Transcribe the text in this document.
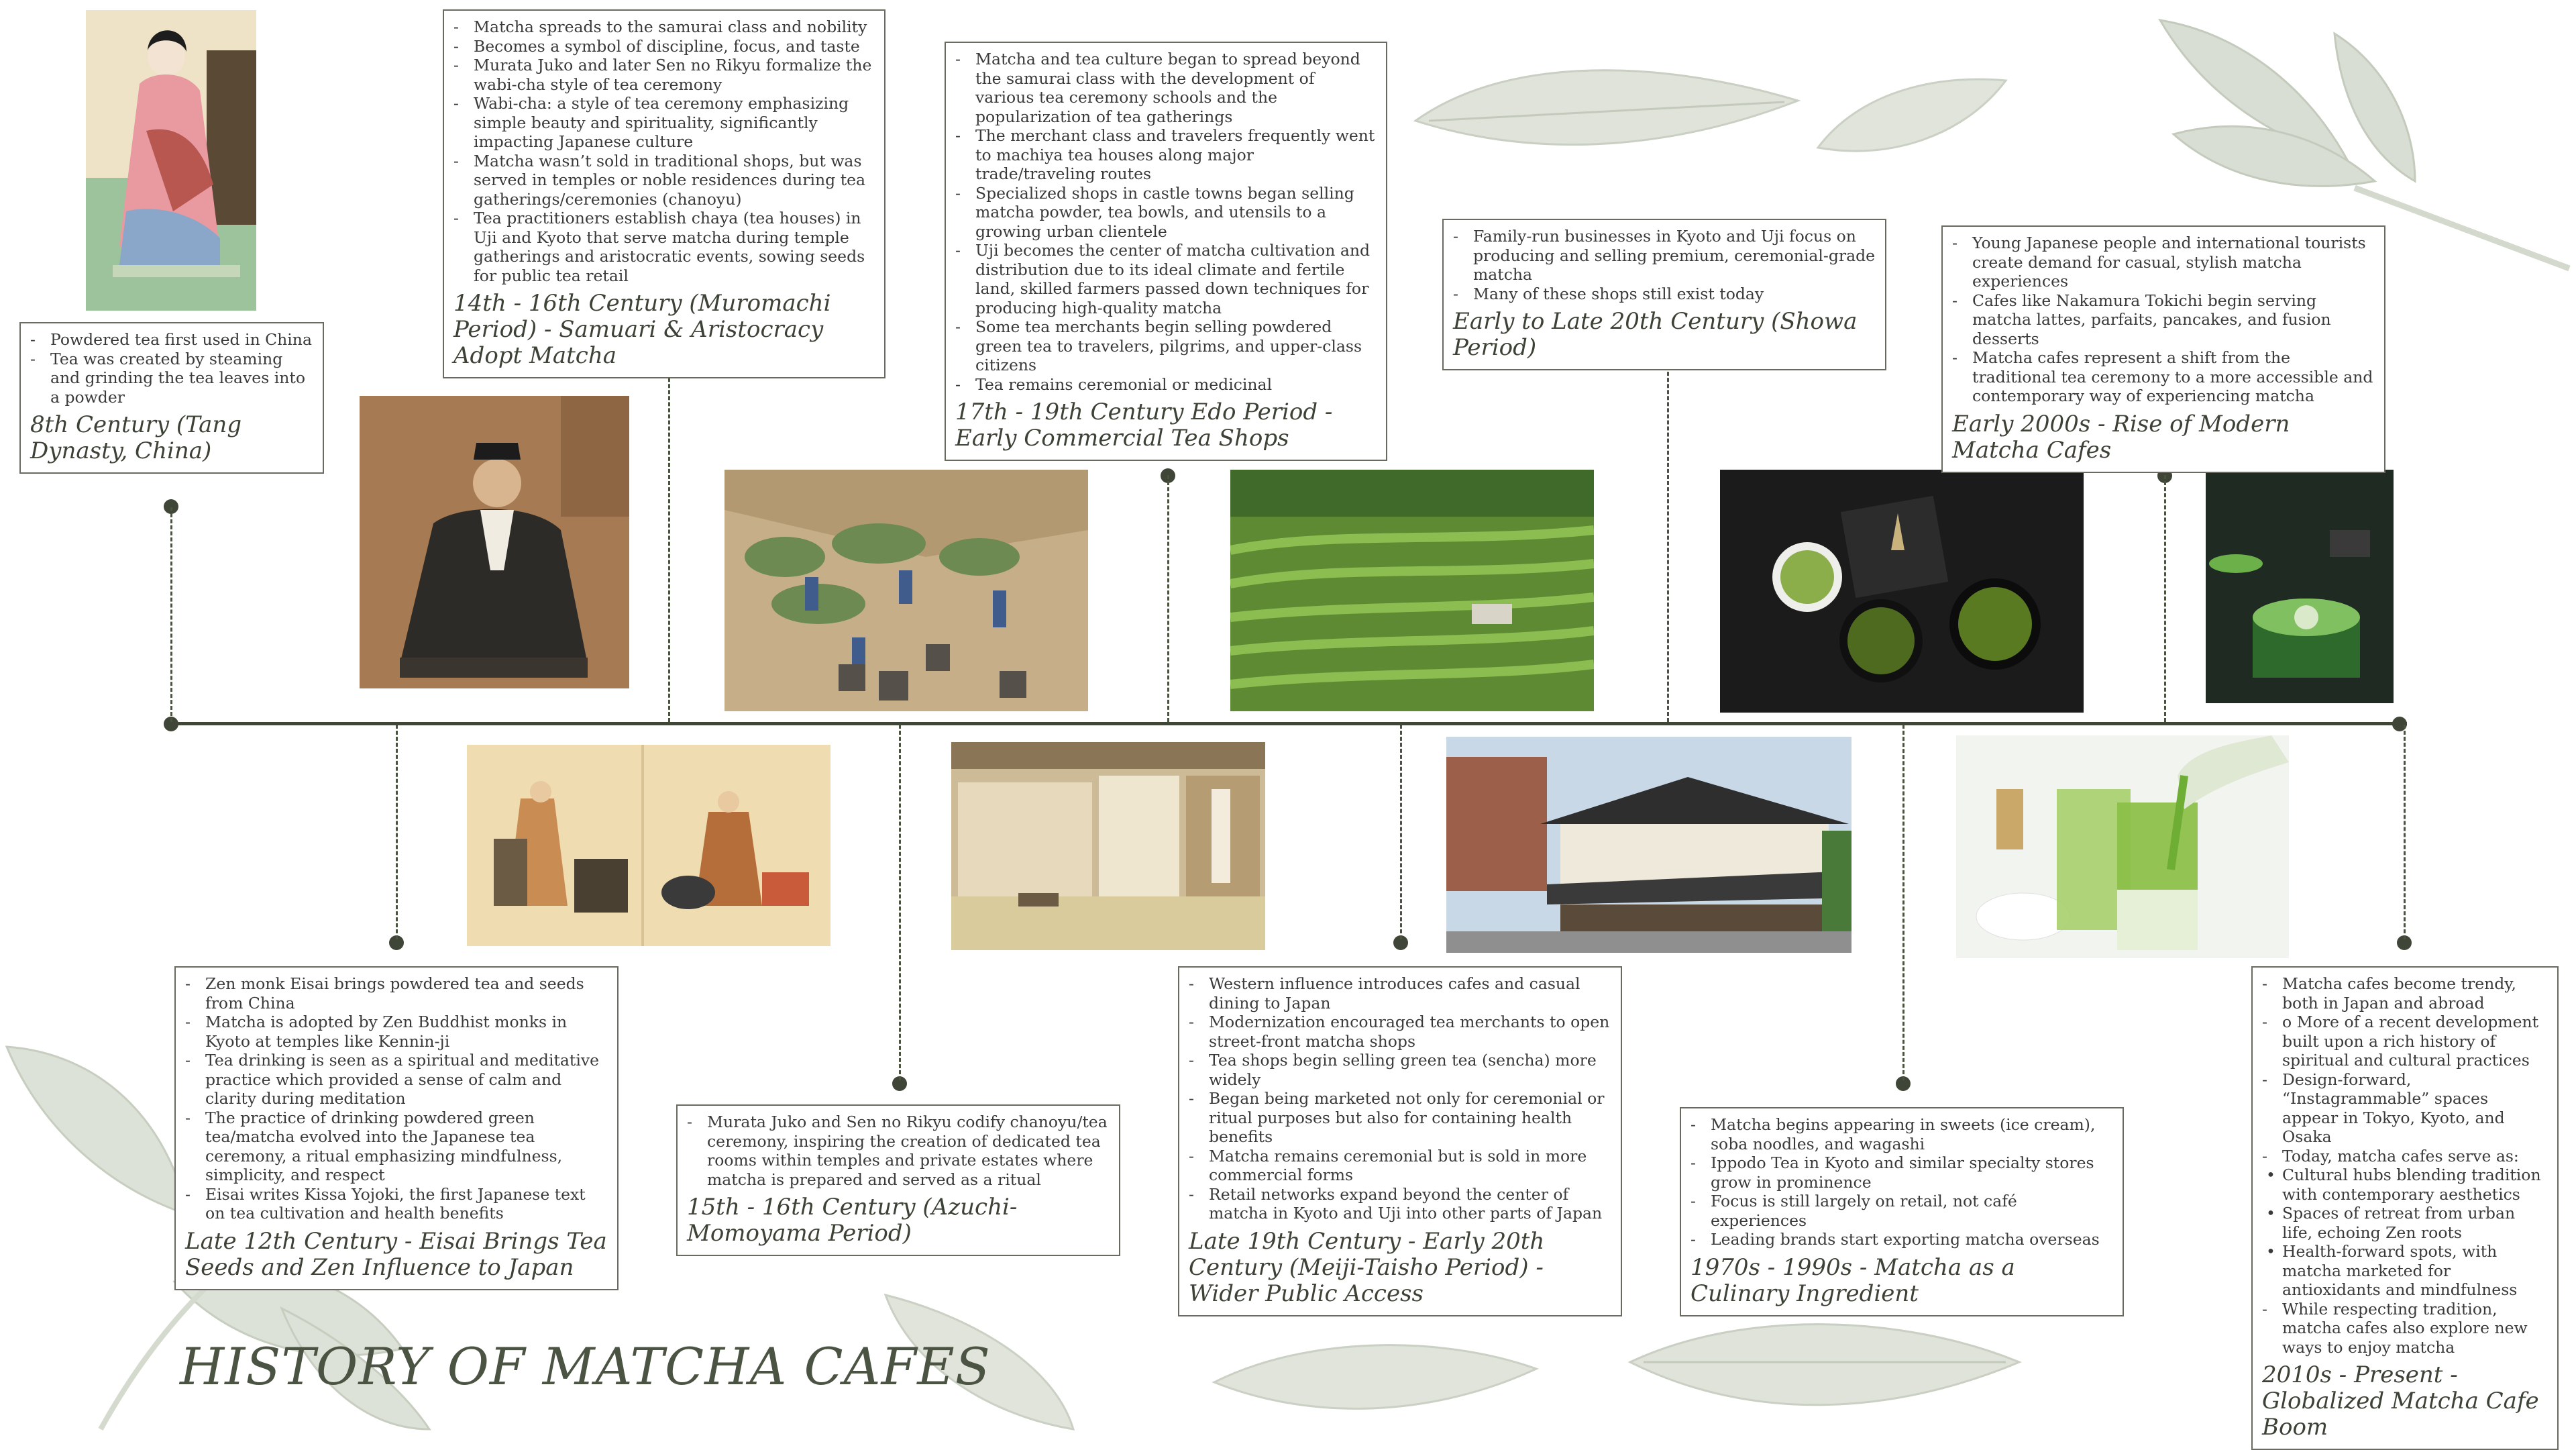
- Powdered tea first used in China
- Tea was created by steaming and grinding the tea leaves into a powder
8th Century (Tang Dynasty, China)
- Matcha spreads to the samurai class and nobility
- Becomes a symbol of discipline, focus, and taste
- Murata Juko and later Sen no Rikyu formalize the wabi-cha style of tea ceremony
- Wabi-cha: a style of tea ceremony emphasizing simple beauty and spirituality, significantly impacting Japanese culture
- Matcha wasn’t sold in traditional shops, but was served in temples or noble residences during tea gatherings/ceremonies (chanoyu)
- Tea practitioners establish chaya (tea houses) in Uji and Kyoto that serve matcha during temple gatherings and aristocratic events, sowing seeds for public tea retail
14th - 16th Century (Muromachi Period) - Samuari & Aristocracy Adopt Matcha
- Matcha and tea culture began to spread beyond the samurai class with the development of various tea ceremony schools and the popularization of tea gatherings
- The merchant class and travelers frequently went to machiya tea houses along major trade/traveling routes
- Specialized shops in castle towns began selling matcha powder, tea bowls, and utensils to a growing urban clientele
- Uji becomes the center of matcha cultivation and distribution due to its ideal climate and fertile land, skilled farmers passed down techniques for producing high-quality matcha
- Some tea merchants begin selling powdered green tea to travelers, pilgrims, and upper-class citizens
- Tea remains ceremonial or medicinal
17th - 19th Century Edo Period - Early Commercial Tea Shops
- Family-run businesses in Kyoto and Uji focus on producing and selling premium, ceremonial-grade matcha
- Many of these shops still exist today
Early to Late 20th Century (Showa Period)
- Young Japanese people and international tourists create demand for casual, stylish matcha experiences
- Cafes like Nakamura Tokichi begin serving matcha lattes, parfaits, pancakes, and fusion desserts
- Matcha cafes represent a shift from the traditional tea ceremony to a more accessible and contemporary way of experiencing matcha
Early 2000s - Rise of Modern Matcha Cafes
- Zen monk Eisai brings powdered tea and seeds from China
- Matcha is adopted by Zen Buddhist monks in Kyoto at temples like Kennin-ji
- Tea drinking is seen as a spiritual and meditative practice which provided a sense of calm and clarity during meditation
- The practice of drinking powdered green tea/matcha evolved into the Japanese tea ceremony, a ritual emphasizing mindfulness, simplicity, and respect
- Eisai writes Kissa Yojoki, the first Japanese text on tea cultivation and health benefits
Late 12th Century - Eisai Brings Tea Seeds and Zen Influence to Japan
- Murata Juko and Sen no Rikyu codify chanoyu/tea ceremony, inspiring the creation of dedicated tea rooms within temples and private estates where matcha is prepared and served as a ritual
15th - 16th Century (Azuchi-Momoyama Period)
- Western influence introduces cafes and casual dining to Japan
- Modernization encouraged tea merchants to open street-front matcha shops
- Tea shops begin selling green tea (sencha) more widely
- Began being marketed not only for ceremonial or ritual purposes but also for containing health benefits
- Matcha remains ceremonial but is sold in more commercial forms
- Retail networks expand beyond the center of matcha in Kyoto and Uji into other parts of Japan
Late 19th Century - Early 20th Century (Meiji-Taisho Period) - Wider Public Access
- Matcha begins appearing in sweets (ice cream), soba noodles, and wagashi
- Ippodo Tea in Kyoto and similar specialty stores grow in prominence
- Focus is still largely on retail, not café experiences
- Leading brands start exporting matcha overseas
1970s - 1990s - Matcha as a Culinary Ingredient
- Matcha cafes become trendy, both in Japan and abroad
- o More of a recent development built upon a rich history of spiritual and cultural practices
- Design-forward, “Instagrammable” spaces appear in Tokyo, Kyoto, and Osaka
- Today, matcha cafes serve as:
• Cultural hubs blending tradition with contemporary aesthetics
• Spaces of retreat from urban life, echoing Zen roots
• Health-forward spots, with matcha marketed for antioxidants and mindfulness
- While respecting tradition, matcha cafes also explore new ways to enjoy matcha
2010s - Present - Globalized Matcha Cafe Boom
HISTORY OF MATCHA CAFES
